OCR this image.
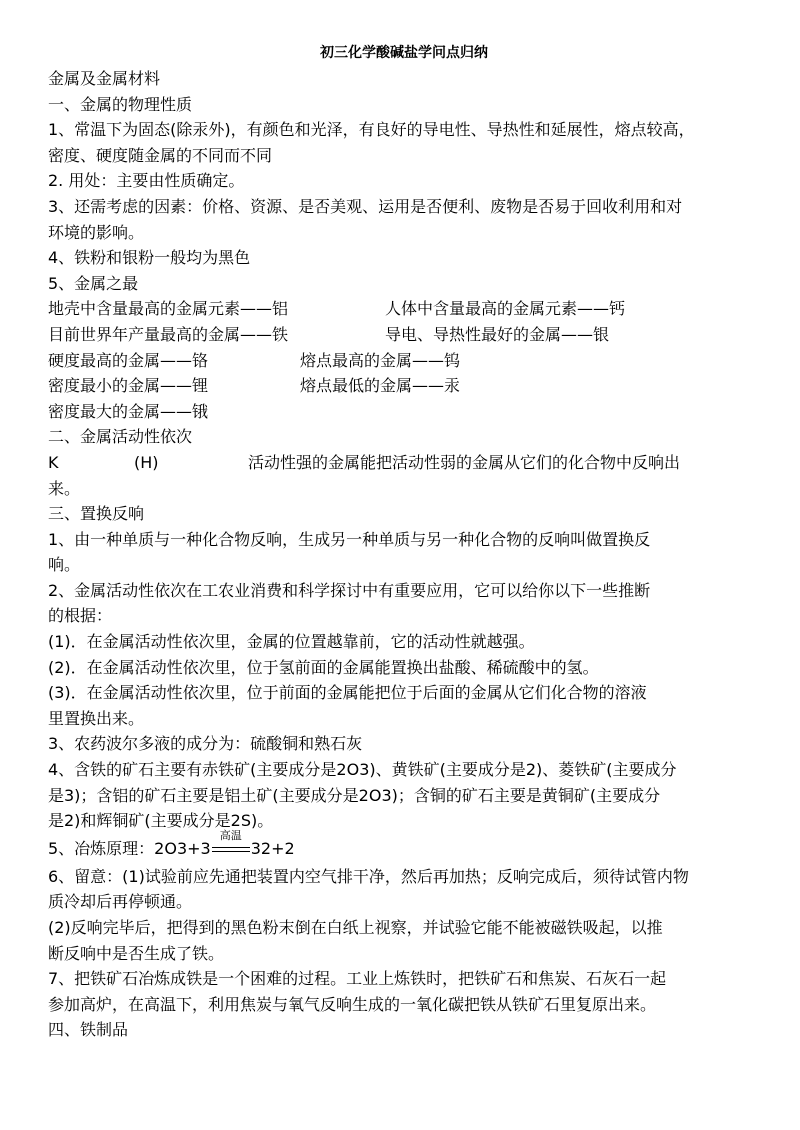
初三化学酸碱盐学问点归纳
金属及金属材料
一、金属的物理性质
1、常温下为固态(除汞外)，有颜色和光泽，有良好的导电性、导热性和延展性，熔点较高，
密度、硬度随金属的不同而不同
2. 用处：主要由性质确定。
3、还需考虑的因素：价格、资源、是否美观、运用是否便利、废物是否易于回收利用和对
环境的影响。
4、铁粉和银粉一般均为黑色
5、金属之最
地壳中含量最高的金属元素——铝	人体中含量最高的金属元素——钙
目前世界年产量最高的金属——铁	导电、导热性最好的金属——银
硬度最高的金属——铬	熔点最高的金属——钨
密度最小的金属——锂	熔点最低的金属——汞
密度最大的金属——锇
二、金属活动性依次
K	(H)	活动性强的金属能把活动性弱的金属从它们的化合物中反响出
来。
三、置换反响
1、由一种单质与一种化合物反响，生成另一种单质与另一种化合物的反响叫做置换反
响。
2、金属活动性依次在工农业消费和科学探讨中有重要应用，它可以给你以下一些推断
的根据：
(1)．在金属活动性依次里，金属的位置越靠前，它的活动性就越强。
(2)．在金属活动性依次里，位于氢前面的金属能置换出盐酸、稀硫酸中的氢。
(3)．在金属活动性依次里，位于前面的金属能把位于后面的金属从它们化合物的溶液
里置换出来。
3、农药波尔多液的成分为：硫酸铜和熟石灰
4、含铁的矿石主要有赤铁矿(主要成分是2O3)、黄铁矿(主要成分是2)、菱铁矿(主要成分
是3)；含铝的矿石主要是铝土矿(主要成分是2O3)；含铜的矿石主要是黄铜矿(主要成分
是2)和辉铜矿(主要成分是2S)。
5、冶炼原理：2O3+3
高温
32+2
6、留意：(1)试验前应先通把装置内空气排干净，然后再加热；反响完成后，须待试管内物
质冷却后再停顿通。
(2)反响完毕后，把得到的黑色粉末倒在白纸上视察，并试验它能不能被磁铁吸起，以推
断反响中是否生成了铁。
7、把铁矿石冶炼成铁是一个困难的过程。工业上炼铁时，把铁矿石和焦炭、石灰石一起
参加高炉，在高温下，利用焦炭与氧气反响生成的一氧化碳把铁从铁矿石里复原出来。
四、铁制品
